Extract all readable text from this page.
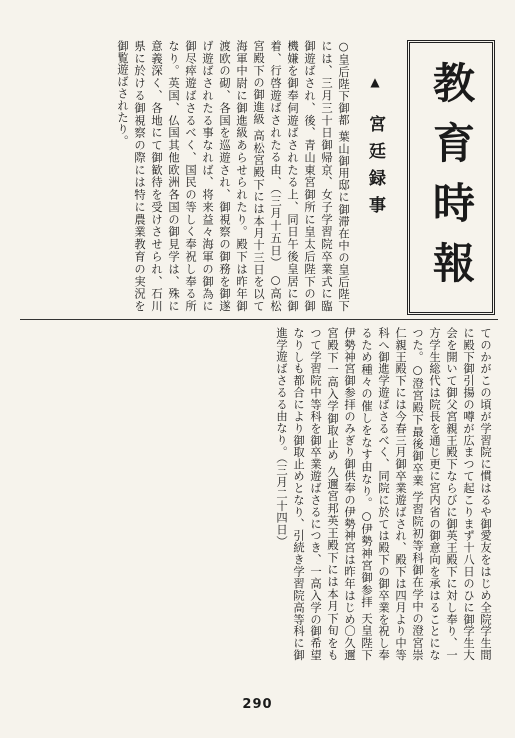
教育時報
▲ 宮廷録事
○皇后陛下御都 葉山御用邸に御滞在中の皇后陛下には、三月三十日御帰京、女子学習院卒業式に臨御遊ばされ、後、青山東宮御所に皇太后陛下の御機嫌を御奉伺遊ばされたる上、同日午後皇居に御着、行啓遊ばされたる由、（三月十五日） ○高松宮殿下の御進級 高松宮殿下には本月十三日を以て海軍中尉に御進級あらせられたり。殿下は昨年御渡欧の砌、各国を巡遊され、御視察の御務を御遂げ遊ばされたる事なれば、将来益々海軍の御為に御尽瘁遊ばさるべく、国民の等しく奉祝し奉る所なり。英国、仏国其他欧洲各国の御見学は、殊に意義深く、各地にて御歓待を受けさせられ、石川県に於ける御視察の際には特に農業教育の実況を御覧遊ばされたり。
てのかがこの頃が学習院に慣はるや御愛友をはじめ全院学生間に殿下御引揚の噂が広まつて起こりまず十八日のひに御学生大会を開いて御父宮親王殿下ならびに御英王殿下に対し奉り、一方学生総代は院長を通じ更に宮内省の御意向を承はることになつた。○澄宮殿下最後御卒業 学習院初等科御在学中の澄宮崇仁親王殿下には今春三月御卒業遊ばされ、殿下は四月より中等科へ御進学遊ばさるべく、同院に於ては殿下の御卒業を祝し奉るため種々の催しをなす由なり。○伊勢神宮御参拝 天皇陛下伊勢神宮御参拝のみぎり御供奉の伊勢神宮は昨年はじめ〇久邇宮殿下一高入学御取止め 久邇宮邦英王殿下には本月下旬をもつて学習院中等科を御卒業遊ばさるにつき、一高入学の御希望なりしも都合により御取止めとなり、引続き学習院高等科に御進学遊ばさるる由なり。（三月二十四日）
290
